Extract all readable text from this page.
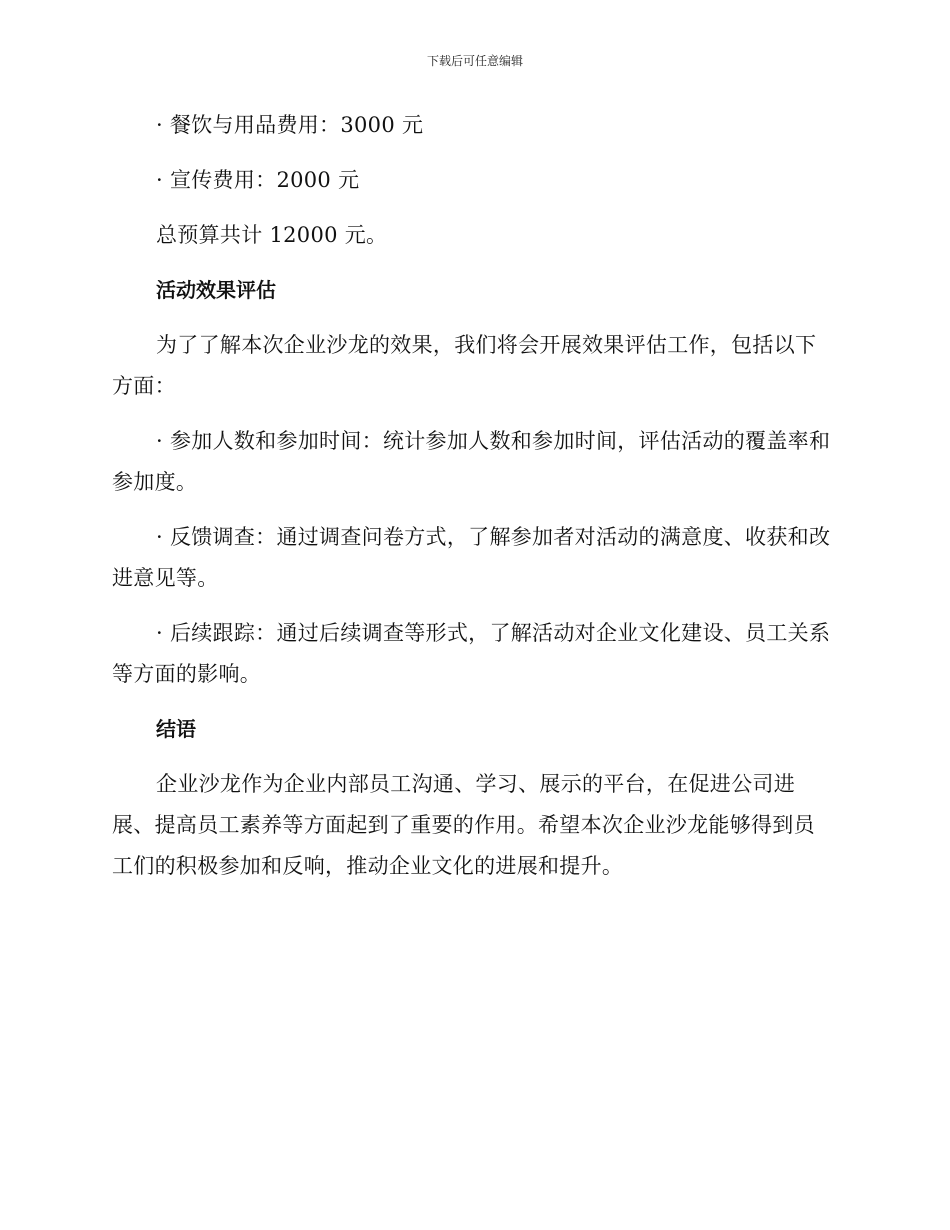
下载后可任意编辑

· 餐饮与用品费用：3000 元

· 宣传费用：2000 元

总预算共计 12000 元。

活动效果评估

为了了解本次企业沙龙的效果，我们将会开展效果评估工作，包括以下方面：

· 参加人数和参加时间：统计参加人数和参加时间，评估活动的覆盖率和参加度。

· 反馈调查：通过调查问卷方式，了解参加者对活动的满意度、收获和改进意见等。

· 后续跟踪：通过后续调查等形式，了解活动对企业文化建设、员工关系等方面的影响。

结语

企业沙龙作为企业内部员工沟通、学习、展示的平台，在促进公司进展、提高员工素养等方面起到了重要的作用。希望本次企业沙龙能够得到员工们的积极参加和反响，推动企业文化的进展和提升。
